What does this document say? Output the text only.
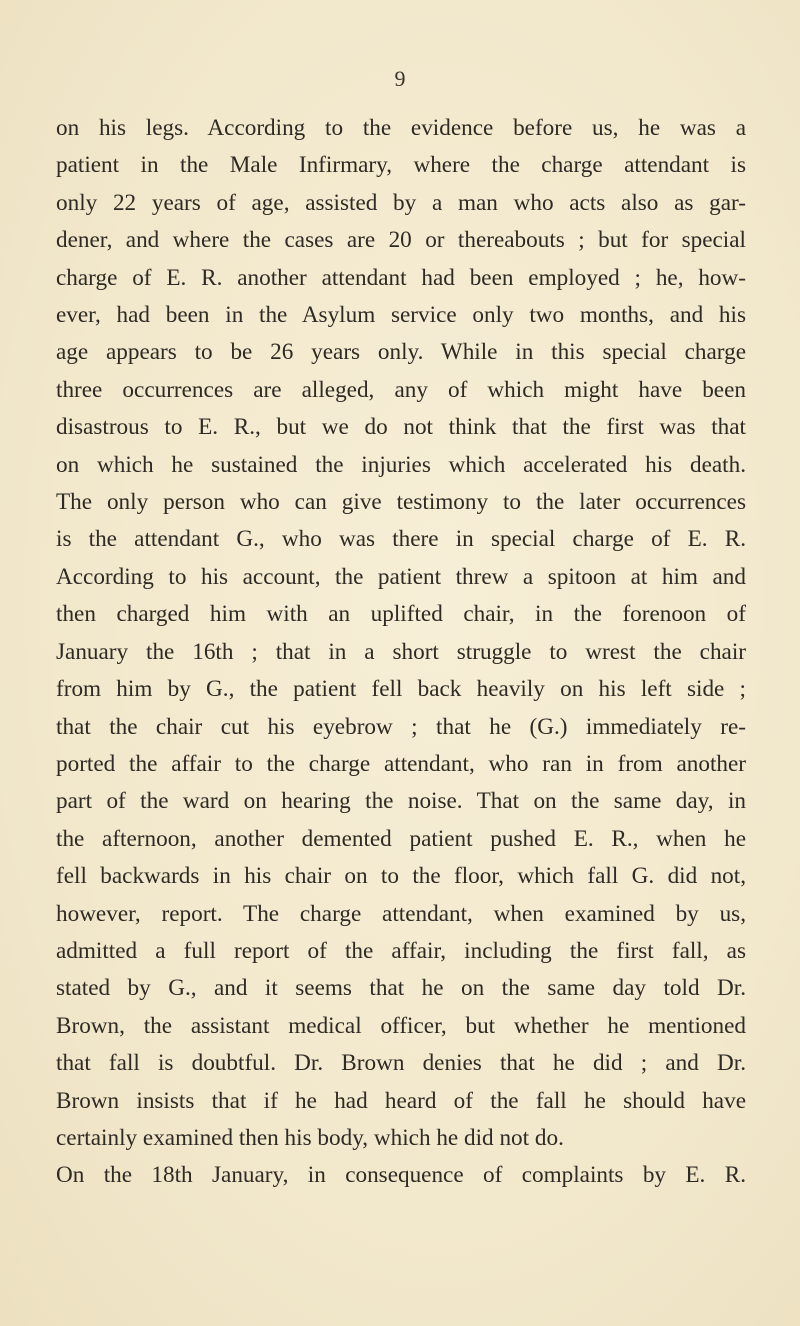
9

on his legs. According to the evidence before us, he was a
patient in the Male Infirmary, where the charge attendant is
only 22 years of age, assisted by a man who acts also as gar-
dener, and where the cases are 20 or thereabouts ; but for special
charge of E. R. another attendant had been employed ; he, how-
ever, had been in the Asylum service only two months, and his
age appears to be 26 years only. While in this special charge
three occurrences are alleged, any of which might have been
disastrous to E. R., but we do not think that the first was that
on which he sustained the injuries which accelerated his death.
The only person who can give testimony to the later occurrences
is the attendant G., who was there in special charge of E. R.
According to his account, the patient threw a spitoon at him and
then charged him with an uplifted chair, in the forenoon of
January the 16th ; that in a short struggle to wrest the chair
from him by G., the patient fell back heavily on his left side ;
that the chair cut his eyebrow ; that he (G.) immediately re-
ported the affair to the charge attendant, who ran in from another
part of the ward on hearing the noise. That on the same day, in
the afternoon, another demented patient pushed E. R., when he
fell backwards in his chair on to the floor, which fall G. did not,
however, report. The charge attendant, when examined by us,
admitted a full report of the affair, including the first fall, as
stated by G., and it seems that he on the same day told Dr.
Brown, the assistant medical officer, but whether he mentioned
that fall is doubtful. Dr. Brown denies that he did ; and Dr.
Brown insists that if he had heard of the fall he should have
certainly examined then his body, which he did not do.
On the 18th January, in consequence of complaints by E. R.
